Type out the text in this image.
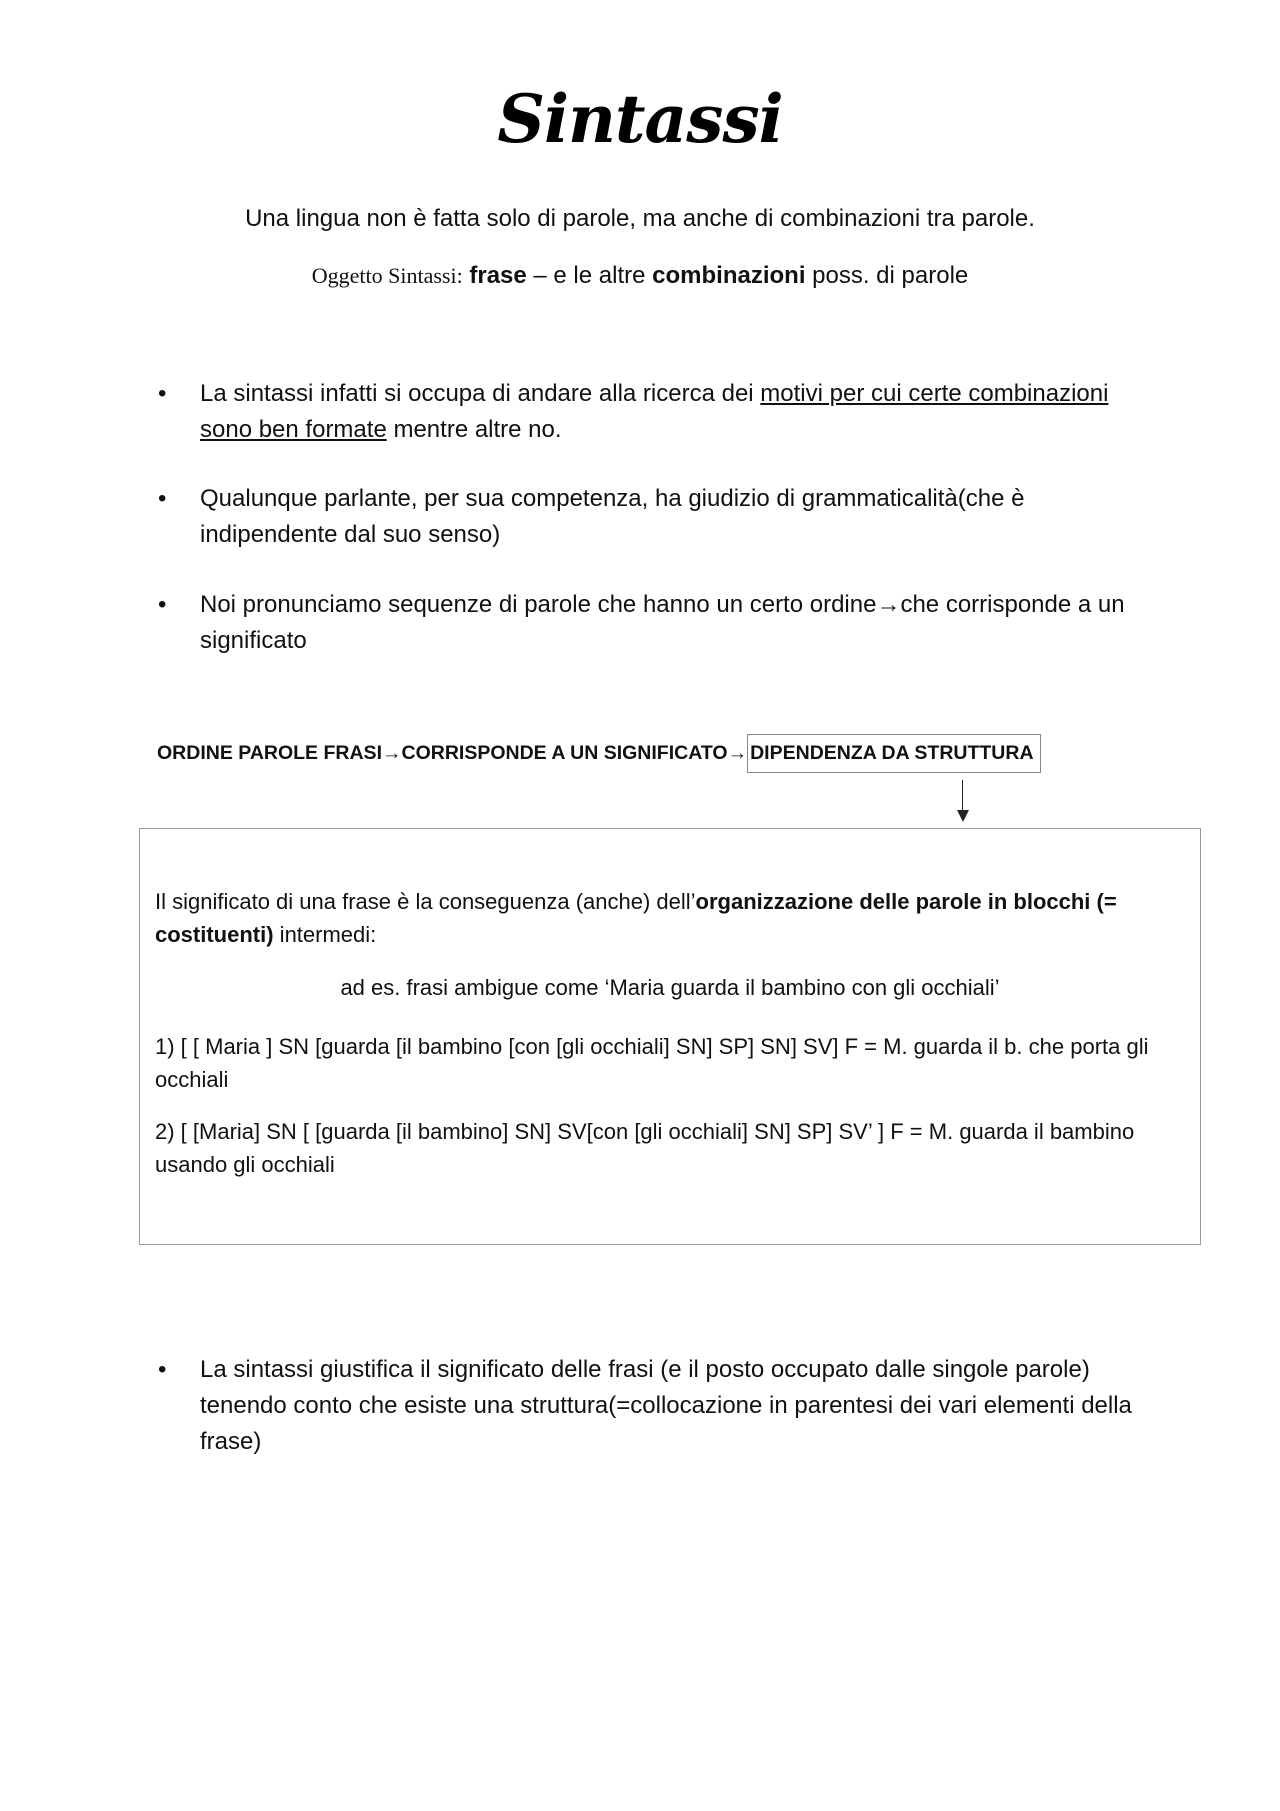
Sintassi
Una lingua non è fatta solo di parole, ma anche di combinazioni tra parole.
Oggetto Sintassi: frase – e le altre combinazioni poss. di parole
• La sintassi infatti si occupa di andare alla ricerca dei motivi per cui certe combinazioni sono ben formate mentre altre no.
• Qualunque parlante, per sua competenza, ha giudizio di grammaticalità(che è indipendente dal suo senso)
• Noi pronunciamo sequenze di parole che hanno un certo ordine→che corrisponde a un significato
ORDINE PAROLE FRASI→CORRISPONDE A UN SIGNIFICATO→ DIPENDENZA DA STRUTTURA
Il significato di una frase è la conseguenza (anche) dell’organizzazione delle parole in blocchi (= costituenti) intermedi:
ad es. frasi ambigue come ‘Maria guarda il bambino con gli occhiali’
1) [ [ Maria ] SN [guarda [il bambino [con [gli occhiali] SN] SP] SN] SV] F = M. guarda il b. che porta gli occhiali
2) [ [Maria] SN [ [guarda [il bambino] SN] SV[con [gli occhiali] SN] SP] SV’ ] F = M. guarda il bambino usando gli occhiali
• La sintassi giustifica il significato delle frasi (e il posto occupato dalle singole parole) tenendo conto che esiste una struttura(=collocazione in parentesi dei vari elementi della frase)
